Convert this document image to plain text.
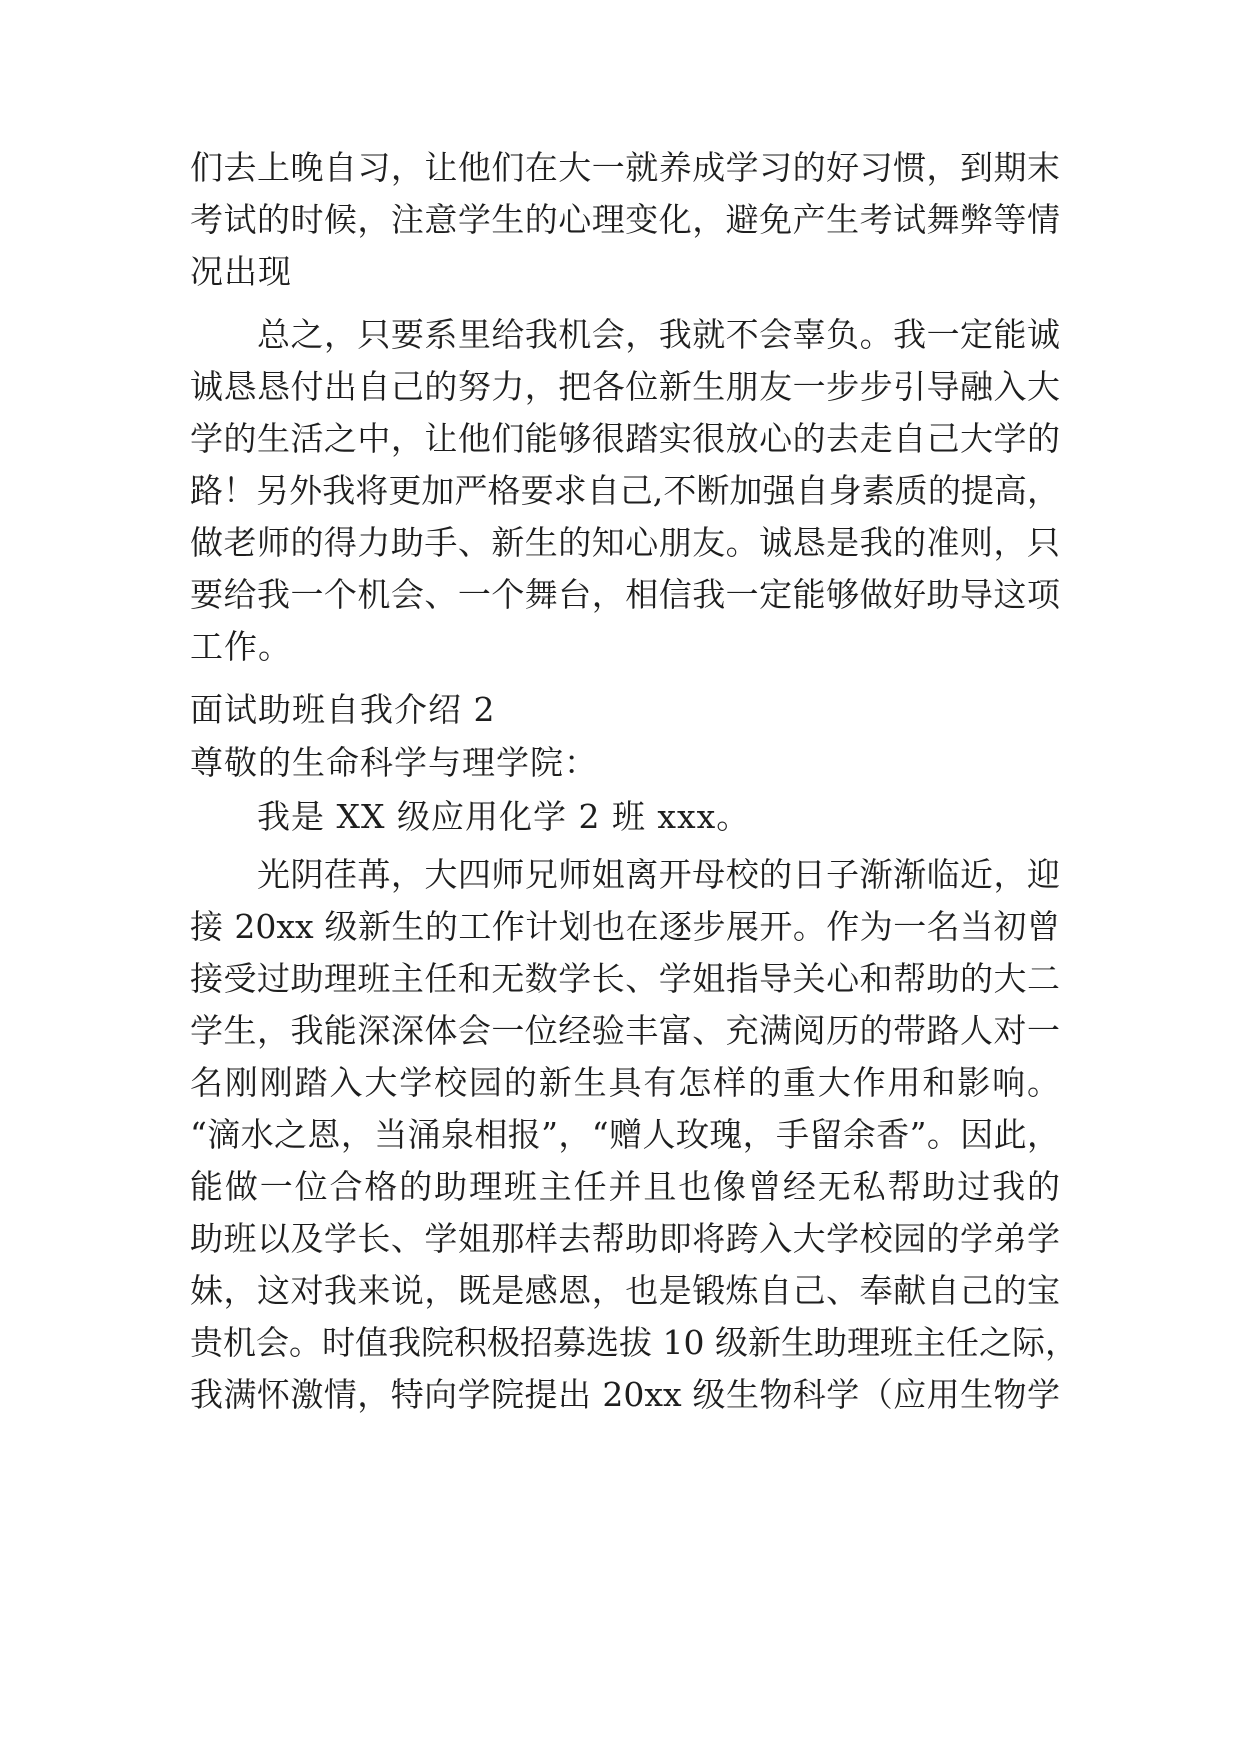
们去上晚自习，让他们在大一就养成学习的好习惯，到期末
考试的时候，注意学生的心理变化，避免产生考试舞弊等情
况出现
总之，只要系里给我机会，我就不会辜负。我一定能诚
诚恳恳付出自己的努力，把各位新生朋友一步步引导融入大
学的生活之中，让他们能够很踏实很放心的去走自己大学的
路！另外我将更加严格要求自己,不断加强自身素质的提高，
做老师的得力助手、新生的知心朋友。诚恳是我的准则，只
要给我一个机会、一个舞台，相信我一定能够做好助导这项
工作。
面试助班自我介绍 2
尊敬的生命科学与理学院：
我是 XX 级应用化学 2 班 xxx。
光阴荏苒，大四师兄师姐离开母校的日子渐渐临近，迎
接 20xx 级新生的工作计划也在逐步展开。作为一名当初曾
接受过助理班主任和无数学长、学姐指导关心和帮助的大二
学生，我能深深体会一位经验丰富、充满阅历的带路人对一
名刚刚踏入大学校园的新生具有怎样的重大作用和影响。
“滴水之恩，当涌泉相报”，“赠人玫瑰，手留余香”。因此，
能做一位合格的助理班主任并且也像曾经无私帮助过我的
助班以及学长、学姐那样去帮助即将跨入大学校园的学弟学
妹，这对我来说，既是感恩，也是锻炼自己、奉献自己的宝
贵机会。时值我院积极招募选拔 10 级新生助理班主任之际，
我满怀激情，特向学院提出 20xx 级生物科学（应用生物学
